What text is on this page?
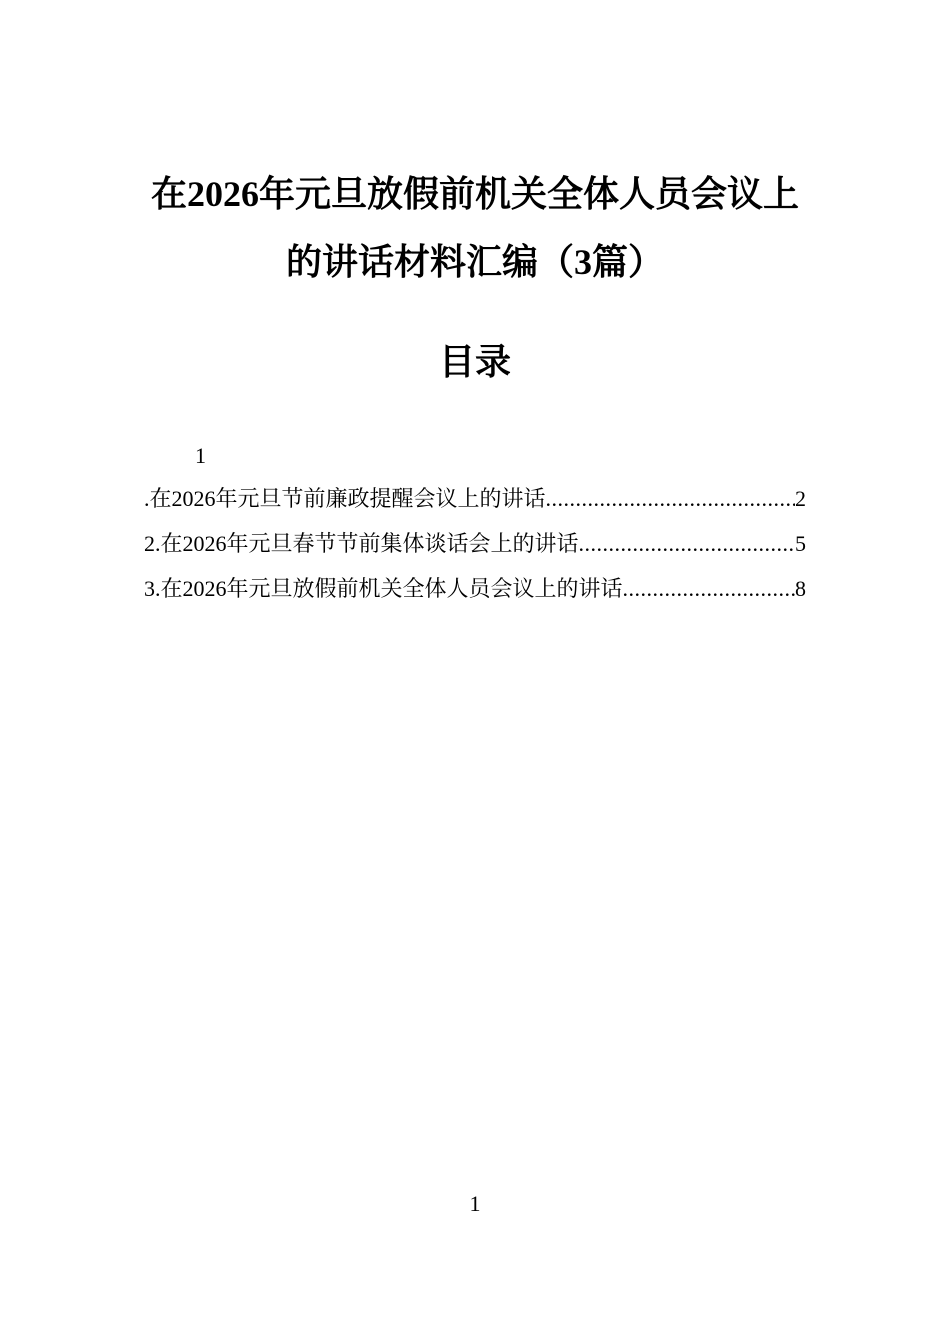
在2026年元旦放假前机关全体人员会议上
的讲话材料汇编（3篇）
目录
1
.在2026年元旦节前廉政提醒会议上的讲话 .....	2
2.在2026年元旦春节节前集体谈话会上的讲话 .....	5
3.在2026年元旦放假前机关全体人员会议上的讲话 .....	8
1
